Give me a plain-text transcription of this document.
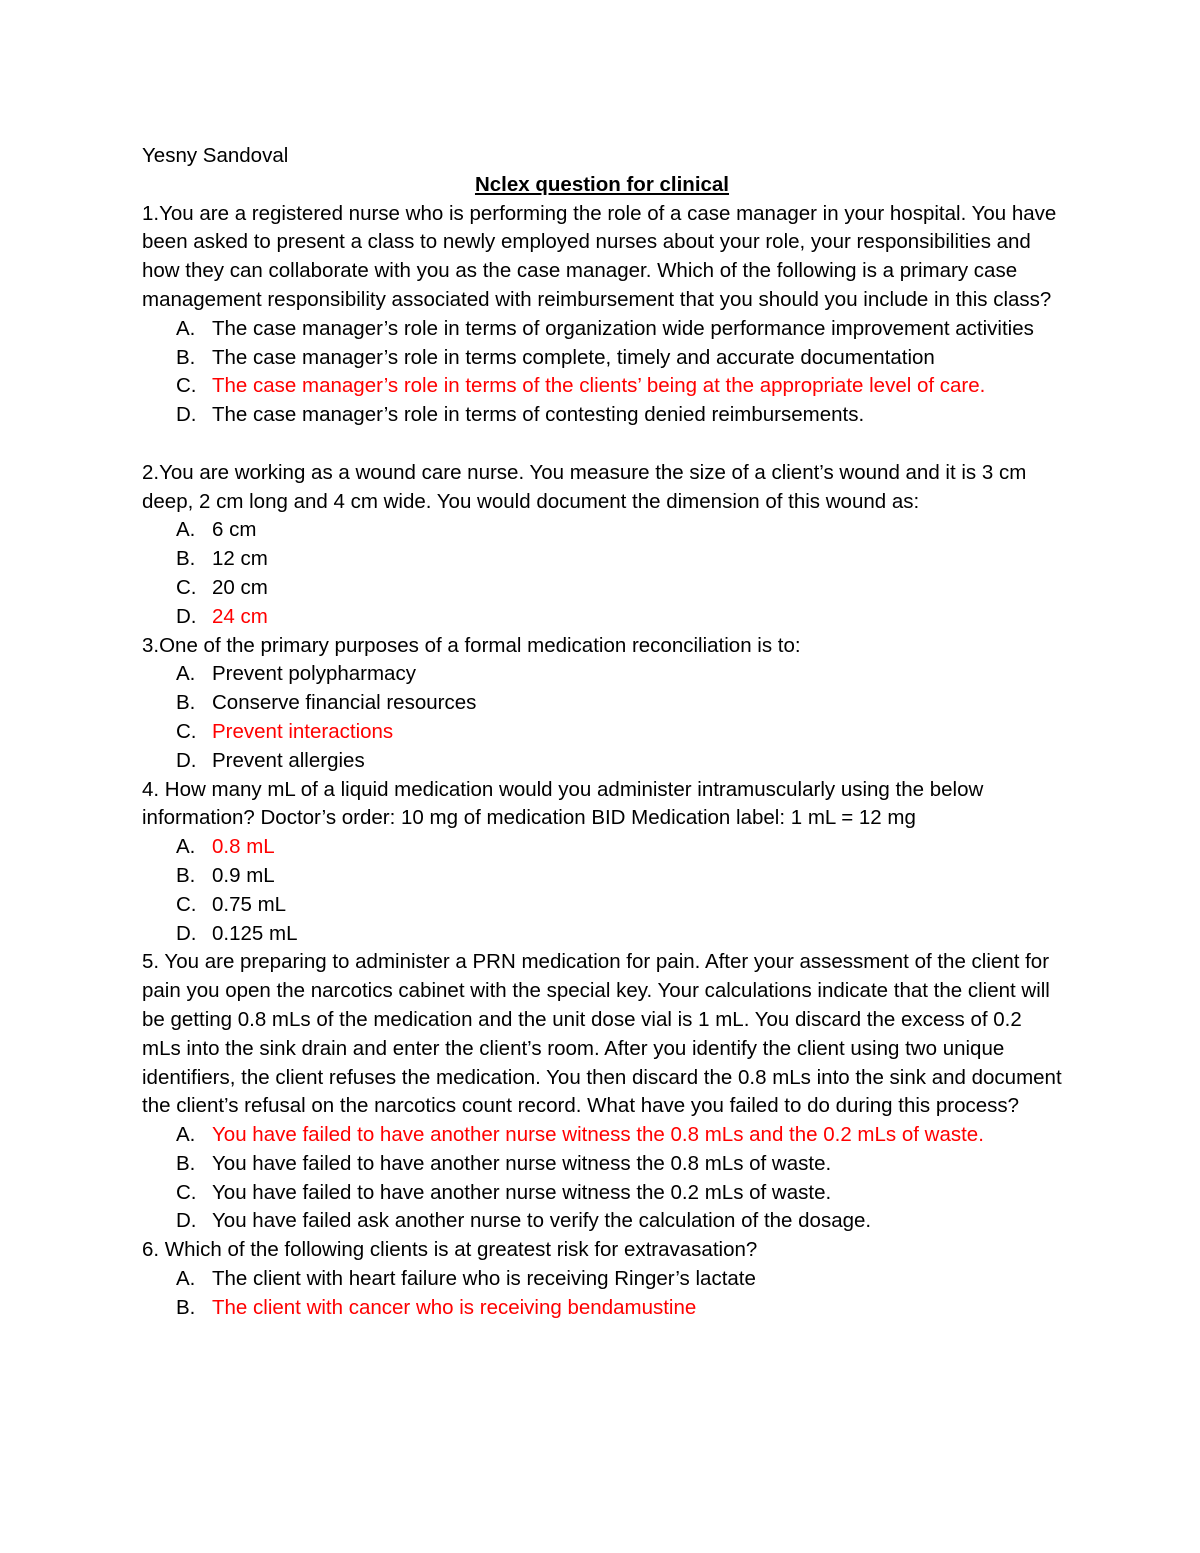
Yesny Sandoval

Nclex question for clinical

1.You are a registered nurse who is performing the role of a case manager in your hospital. You have been asked to present a class to newly employed nurses about your role, your responsibilities and how they can collaborate with you as the case manager. Which of the following is a primary case management responsibility associated with reimbursement that you should you include in this class?

A. The case manager’s role in terms of organization wide performance improvement activities
B. The case manager’s role in terms complete, timely and accurate documentation
C. The case manager’s role in terms of the clients’ being at the appropriate level of care.
D. The case manager’s role in terms of contesting denied reimbursements.

2.You are working as a wound care nurse. You measure the size of a client’s wound and it is 3 cm deep, 2 cm long and 4 cm wide. You would document the dimension of this wound as:

A. 6 cm
B. 12 cm
C. 20 cm
D. 24 cm

3.One of the primary purposes of a formal medication reconciliation is to:

A. Prevent polypharmacy
B. Conserve financial resources
C. Prevent interactions
D. Prevent allergies

4. How many mL of a liquid medication would you administer intramuscularly using the below information? Doctor’s order: 10 mg of medication BID Medication label: 1 mL = 12 mg

A. 0.8 mL
B. 0.9 mL
C. 0.75 mL
D. 0.125 mL

5. You are preparing to administer a PRN medication for pain. After your assessment of the client for pain you open the narcotics cabinet with the special key. Your calculations indicate that the client will be getting 0.8 mLs of the medication and the unit dose vial is 1 mL. You discard the excess of 0.2 mLs into the sink drain and enter the client’s room. After you identify the client using two unique identifiers, the client refuses the medication. You then discard the 0.8 mLs into the sink and document the client’s refusal on the narcotics count record. What have you failed to do during this process?

A. You have failed to have another nurse witness the 0.8 mLs and the 0.2 mLs of waste.
B. You have failed to have another nurse witness the 0.8 mLs of waste.
C. You have failed to have another nurse witness the 0.2 mLs of waste.
D. You have failed ask another nurse to verify the calculation of the dosage.

6. Which of the following clients is at greatest risk for extravasation?

A. The client with heart failure who is receiving Ringer’s lactate
B. The client with cancer who is receiving bendamustine
